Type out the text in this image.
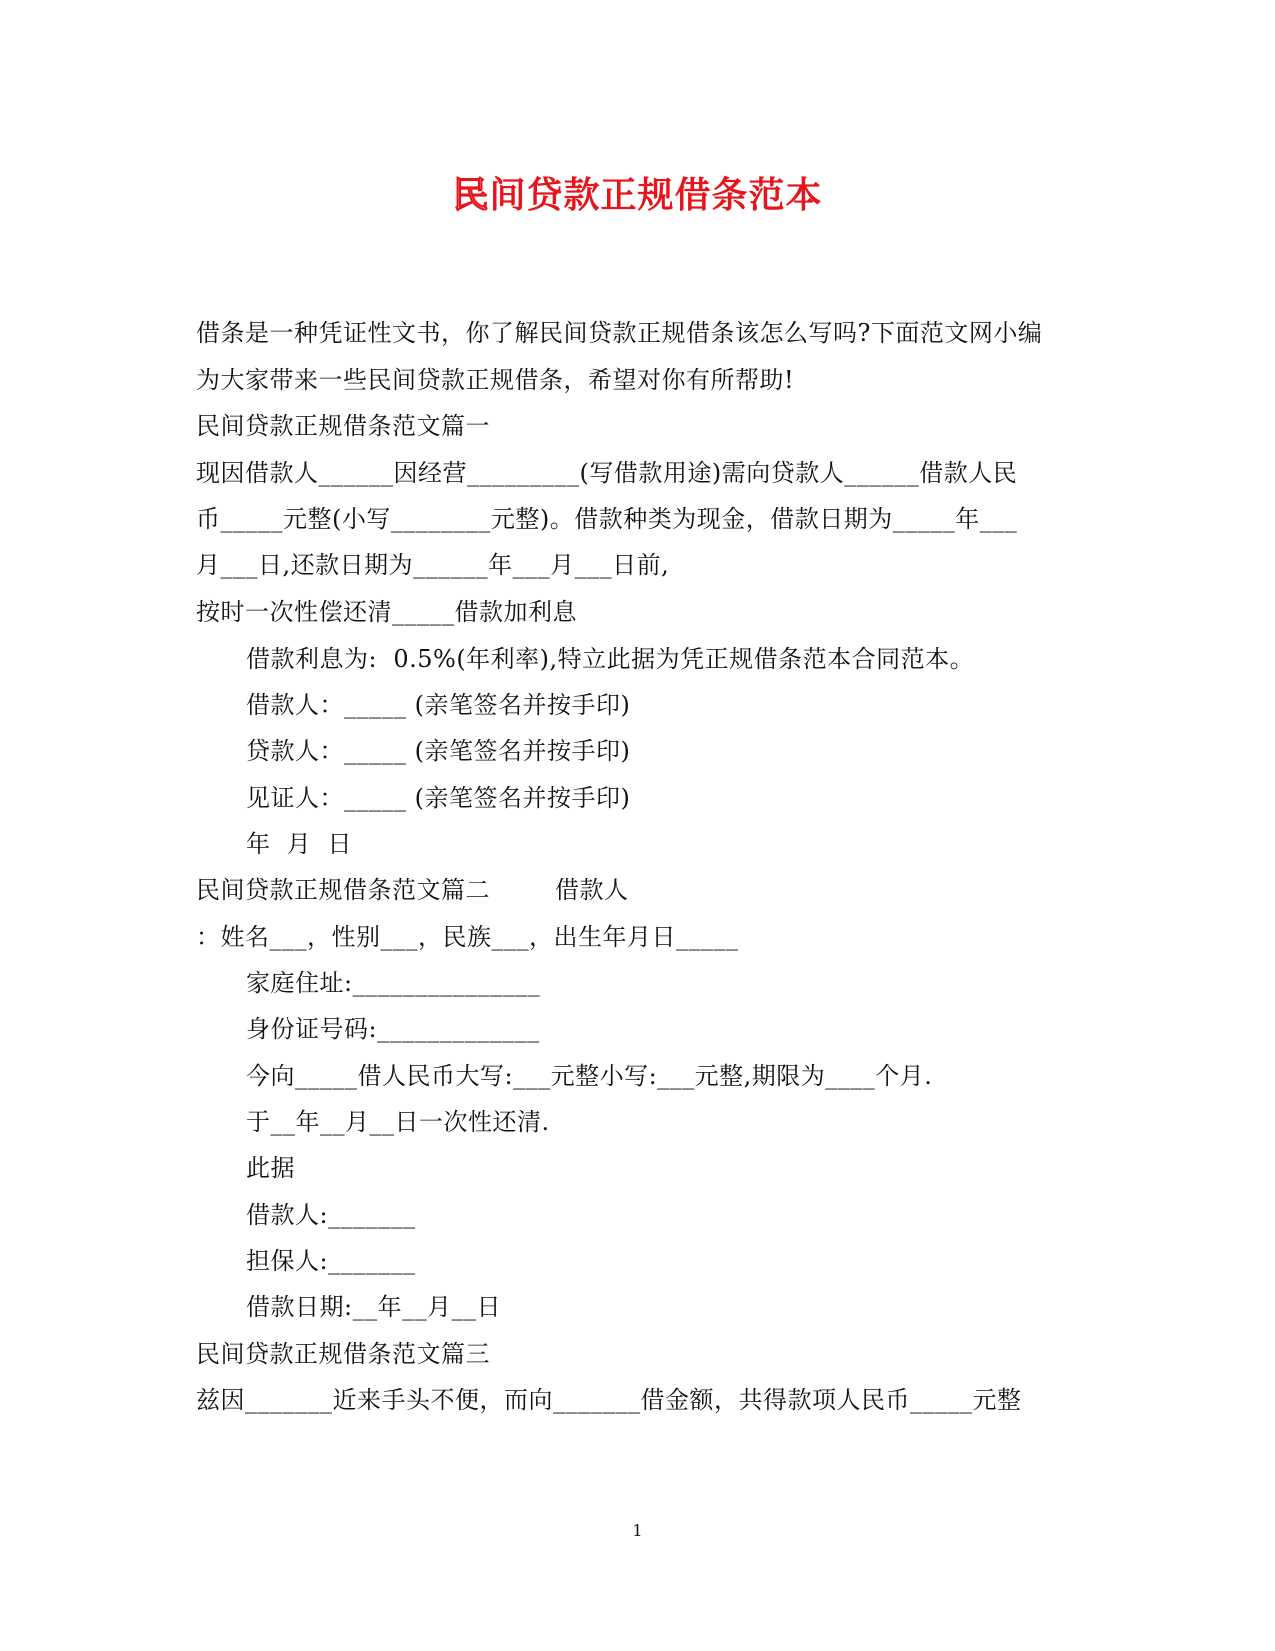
民间贷款正规借条范本
借条是一种凭证性文书，你了解民间贷款正规借条该怎么写吗?下面范文网小编
为大家带来一些民间贷款正规借条，希望对你有所帮助!
民间贷款正规借条范文篇一
现因借款人______因经营_________(写借款用途)需向贷款人______借款人民
币_____元整(小写________元整)。借款种类为现金，借款日期为_____年___
月___日,还款日期为______年___月___日前,
按时一次性偿还清_____借款加利息
借款利息为:  0.5%(年利率),特立此据为凭正规借条范本合同范本。
借款人：_____ (亲笔签名并按手印)
贷款人：_____ (亲笔签名并按手印)
见证人：_____ (亲笔签名并按手印)
年  月  日
民间贷款正规借条范文篇二        借款人
：姓名___，性别___，民族___，出生年月日_____
家庭住址:_______________
身份证号码:_____________
今向_____借人民币大写:___元整小写:___元整,期限为____个月.
于__年__月__日一次性还清.
此据
借款人:_______
担保人:_______
借款日期:__年__月__日
民间贷款正规借条范文篇三
兹因_______近来手头不便，而向_______借金额，共得款项人民币_____元整
1
